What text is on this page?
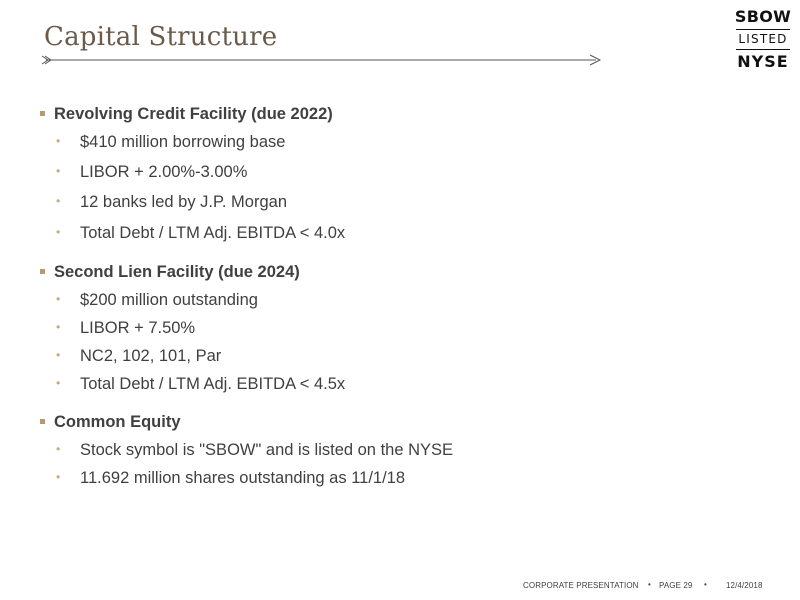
Capital Structure
SBOW
LISTED
NYSE
Revolving Credit Facility (due 2022)
• $410 million borrowing base
• LIBOR + 2.00%-3.00%
• 12 banks led by J.P. Morgan
• Total Debt / LTM Adj. EBITDA < 4.0x
Second Lien Facility (due 2024)
• $200 million outstanding
• LIBOR + 7.50%
• NC2, 102, 101, Par
• Total Debt / LTM Adj. EBITDA < 4.5x
Common Equity
• Stock symbol is "SBOW" and is listed on the NYSE
• 11.692 million shares outstanding as 11/1/18
CORPORATE PRESENTATION • PAGE 29 • 12/4/2018
